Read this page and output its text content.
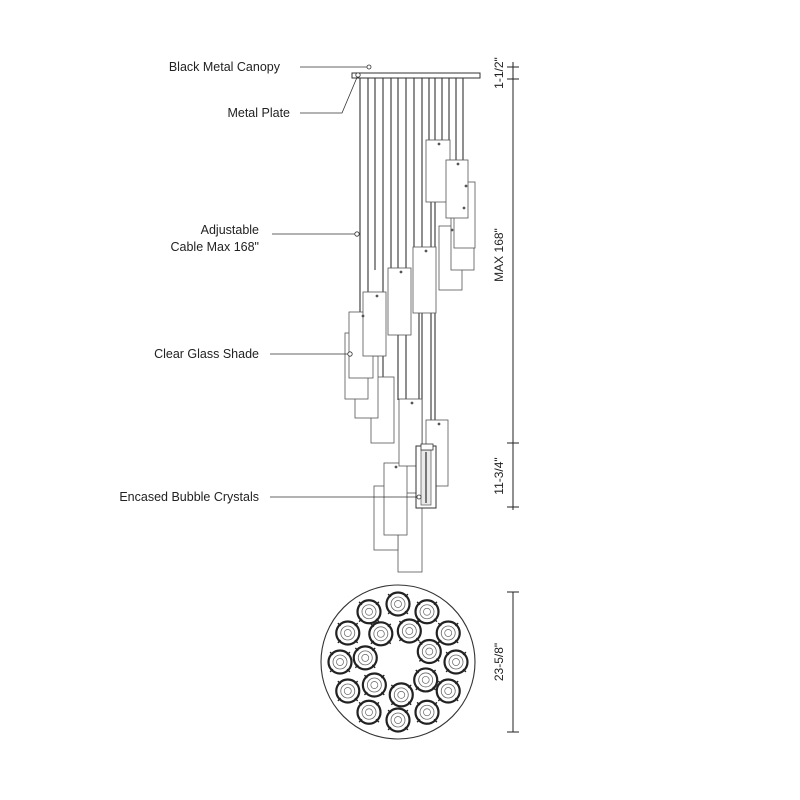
Black Metal Canopy
Metal Plate
Adjustable
Cable Max 168"
Clear Glass Shade
Encased Bubble Crystals
1-1/2"
MAX 168"
11-3/4"
23-5/8"
